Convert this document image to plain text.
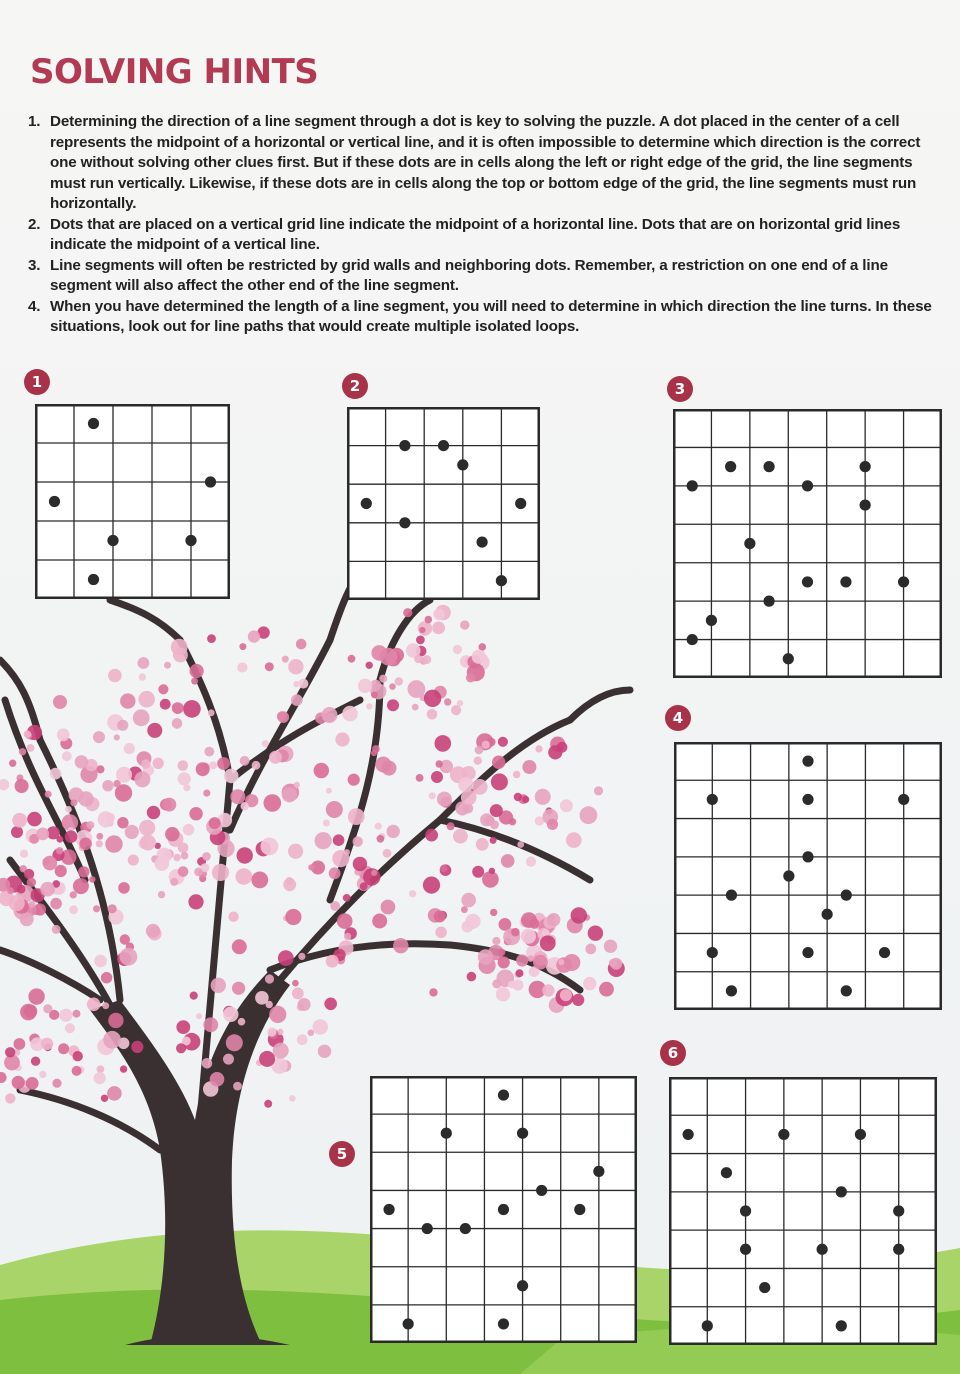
SOLVING HINTS
1. Determining the direction of a line segment through a dot is key to solving the puzzle. A dot placed in the center of a cell represents the midpoint of a horizontal or vertical line, and it is often impossible to determine which direction is the correct one without solving other clues first. But if these dots are in cells along the left or right edge of the grid, the line segments must run vertically. Likewise, if these dots are in cells along the top or bottom edge of the grid, the line segments must run horizontally.
2. Dots that are placed on a vertical grid line indicate the midpoint of a horizontal line. Dots that are on horizontal grid lines indicate the midpoint of a vertical line.
3. Line segments will often be restricted by grid walls and neighboring dots. Remember, a restriction on one end of a line segment will also affect the other end of the line segment.
4. When you have determined the length of a line segment, you will need to determine in which direction the line turns. In these situations, look out for line paths that would create multiple isolated loops.
1	2	3
4
5
6
